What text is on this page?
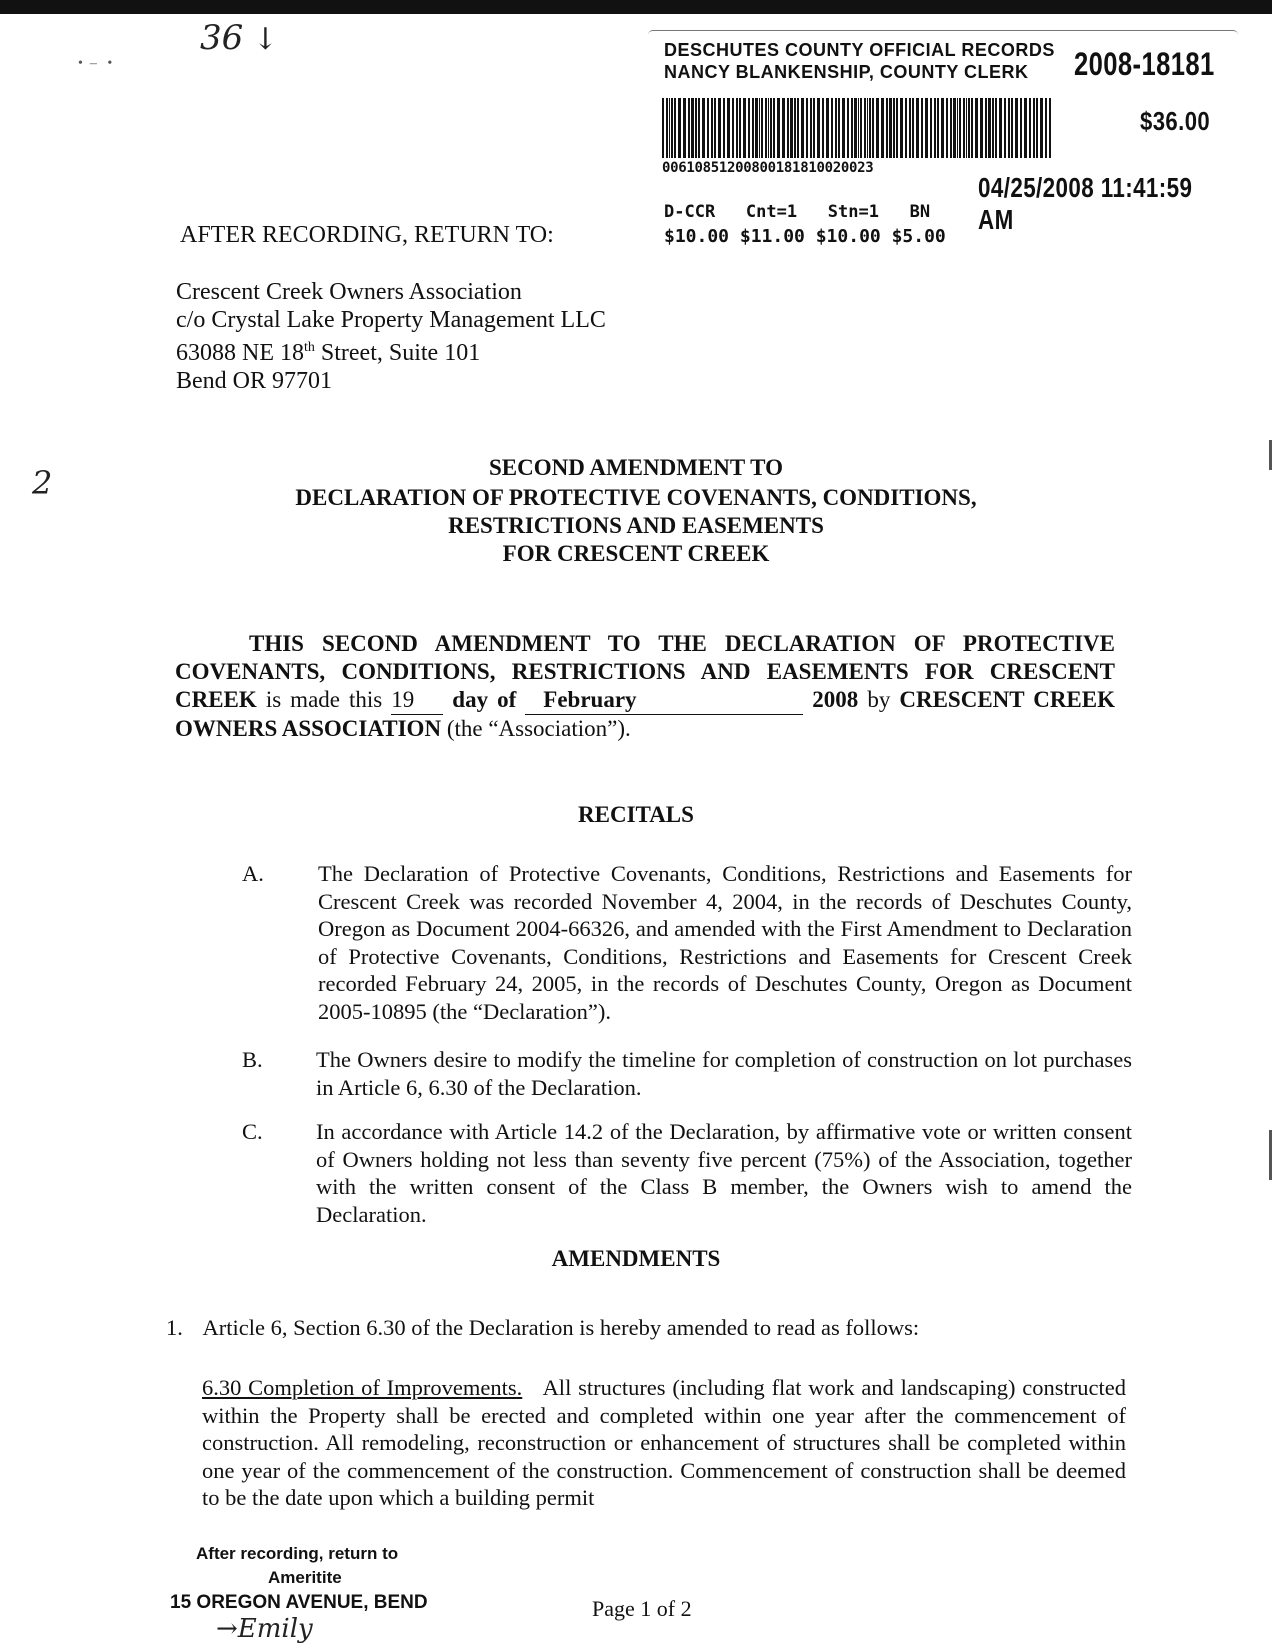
36 ↓
•  –   •
DESCHUTES COUNTY OFFICIAL RECORDS
NANCY BLANKENSHIP, COUNTY CLERK 2008-18181
$36.00
00610851200800181810020023
04/25/2008 11:41:59 AM
D-CCR   Cnt=1   Stn=1   BN
$10.00 $11.00 $10.00 $5.00
AFTER RECORDING, RETURN TO:
Crescent Creek Owners Association
c/o Crystal Lake Property Management LLC
63088 NE 18th Street, Suite 101
Bend OR 97701
2	SECOND AMENDMENT TO
DECLARATION OF PROTECTIVE COVENANTS, CONDITIONS,
RESTRICTIONS AND EASEMENTS
FOR CRESCENT CREEK
THIS SECOND AMENDMENT TO THE DECLARATION OF PROTECTIVE COVENANTS, CONDITIONS, RESTRICTIONS AND EASEMENTS FOR CRESCENT CREEK is made this 19 day of February	2008 by CRESCENT CREEK OWNERS ASSOCIATION (the “Association”).
RECITALS
A. The Declaration of Protective Covenants, Conditions, Restrictions and Easements for Crescent Creek was recorded November 4, 2004, in the records of Deschutes County, Oregon as Document 2004-66326, and amended with the First Amendment to Declaration of Protective Covenants, Conditions, Restrictions and Easements for Crescent Creek recorded February 24, 2005, in the records of Deschutes County, Oregon as Document 2005-10895 (the “Declaration”).
B. The Owners desire to modify the timeline for completion of construction on lot purchases in Article 6, 6.30 of the Declaration.
C. In accordance with Article 14.2 of the Declaration, by affirmative vote or written consent of Owners holding not less than seventy five percent (75%) of the Association, together with the written consent of the Class B member, the Owners wish to amend the Declaration.
AMENDMENTS
1. Article 6, Section 6.30 of the Declaration is hereby amended to read as follows:
6.30 Completion of Improvements. All structures (including flat work and landscaping) constructed within the Property shall be erected and completed within one year after the commencement of construction. All remodeling, reconstruction or enhancement of structures shall be completed within one year of the commencement of the construction. Commencement of construction shall be deemed to be the date upon which a building permit
After recording, return to
Ameritite
15 OREGON AVENUE, BEND
→Emily
Page 1 of 2
